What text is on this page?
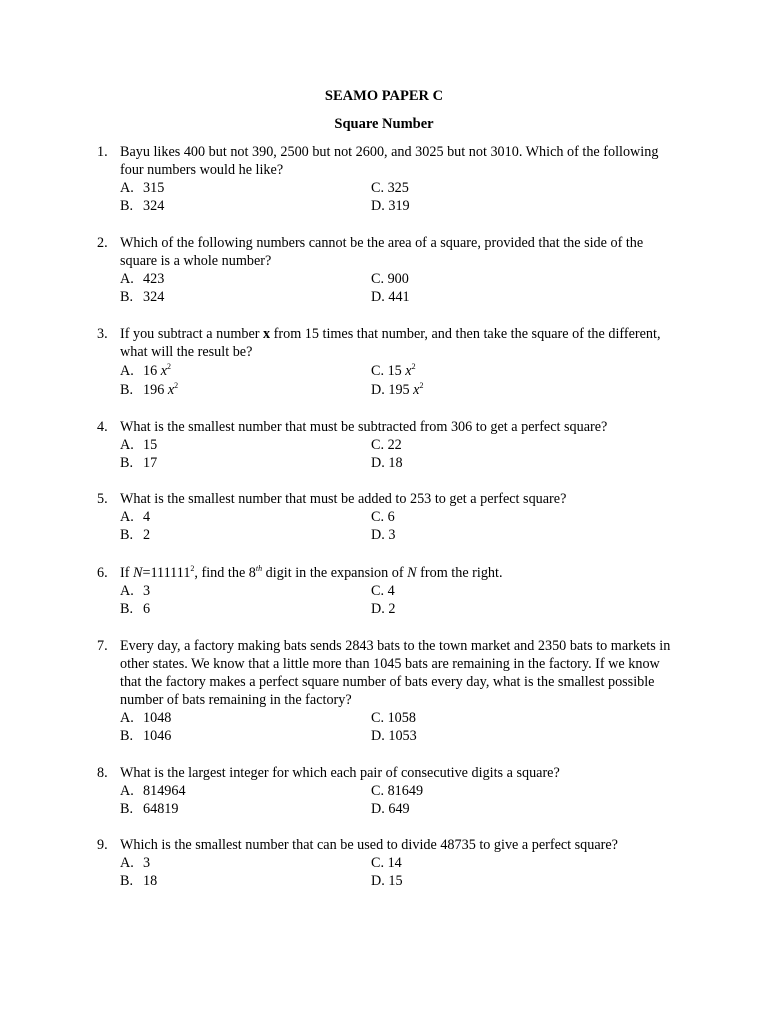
SEAMO PAPER C
Square Number
1. Bayu likes 400 but not 390, 2500 but not 2600, and 3025 but not 3010. Which of the following four numbers would he like?
A. 315
B. 324
C. 325
D. 319
2. Which of the following numbers cannot be the area of a square, provided that the side of the square is a whole number?
A. 423
B. 324
C. 900
D. 441
3. If you subtract a number x from 15 times that number, and then take the square of the different, what will the result be?
A. 16 $x^2$
B. 196 $x^2$
C. 15 $x^2$
D. 195 $x^2$
4. What is the smallest number that must be subtracted from 306 to get a perfect square?
A. 15
B. 17
C. 22
D. 18
5. What is the smallest number that must be added to 253 to get a perfect square?
A. 4
B. 2
C. 6
D. 3
6. If $N=111111^2$, find the 8th digit in the expansion of N from the right.
A. 3
B. 6
C. 4
D. 2
7. Every day, a factory making bats sends 2843 bats to the town market and 2350 bats to markets in other states. We know that a little more than 1045 bats are remaining in the factory. If we know that the factory makes a perfect square number of bats every day, what is the smallest possible number of bats remaining in the factory?
A. 1048
B. 1046
C. 1058
D. 1053
8. What is the largest integer for which each pair of consecutive digits a square?
A. 814964
B. 64819
C. 81649
D. 649
9. Which is the smallest number that can be used to divide 48735 to give a perfect square?
A. 3
B. 18
C. 14
D. 15
